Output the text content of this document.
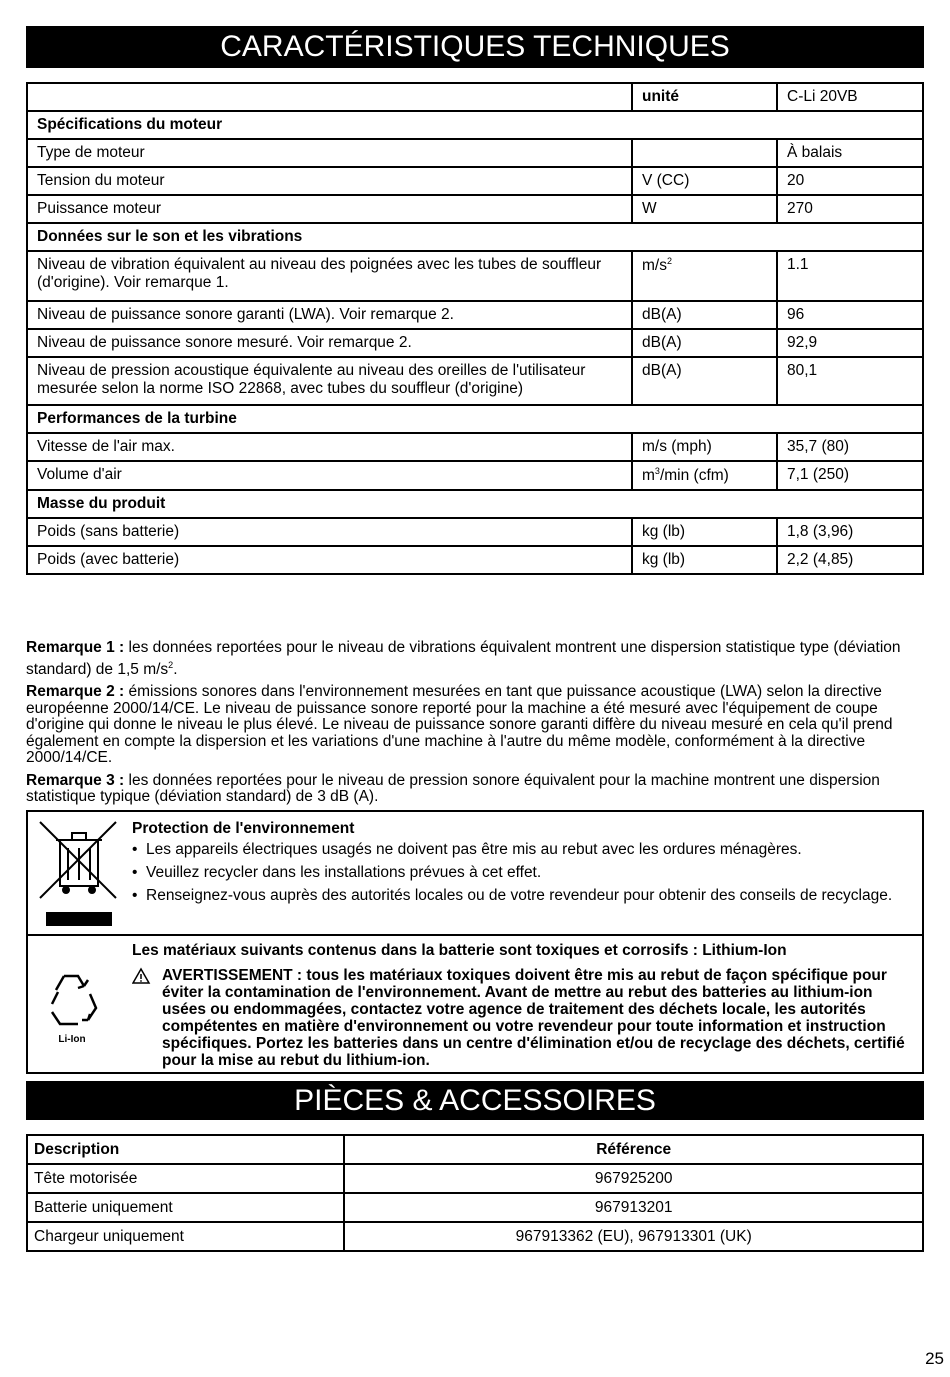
CARACTÉRISTIQUES TECHNIQUES
	unité	C-Li 20VB
Spécifications du moteur		
Type de moteur		À balais
Tension du moteur	V (CC)	20
Puissance moteur	W	270
Données sur le son et les vibrations		
Niveau de vibration équivalent au niveau des poignées avec les tubes de souffleur (d'origine). Voir remarque 1.	$m/s^2$	1.1
Niveau de puissance sonore garanti (LWA). Voir remarque 2.	dB(A)	96
Niveau de puissance sonore mesuré. Voir remarque 2.	dB(A)	92,9
Niveau de pression acoustique équivalente au niveau des oreilles de l'utilisateur mesurée selon la norme ISO 22868, avec tubes du souffleur (d'origine)	dB(A)	80,1
Performances de la turbine		
Vitesse de l'air max.	m/s (mph)	35,7 (80)
Volume d'air	$m^3/\min$ (cfm)	7,1 (250)
Masse du produit		
Poids (sans batterie)	kg (lb)	1,8 (3,96)
Poids (avec batterie)	kg (lb)	2,2 (4,85)

Remarque 1 : les données reportées pour le niveau de vibrations équivalent montrent une dispersion statistique type (déviation standard) de 1,5 $m/s^2$.

Remarque 2 : émissions sonores dans l'environnement mesurées en tant que puissance acoustique (LWA) selon la directive européenne 2000/14/CE. Le niveau de puissance sonore reporté pour la machine a été mesuré avec l'équipement de coupe d'origine qui donne le niveau le plus élevé. Le niveau de puissance sonore garanti diffère du niveau mesuré en cela qu'il prend également en compte la dispersion et les variations d'une machine à l'autre du même modèle, conformément à la directive 2000/14/CE.

Remarque 3 : les données reportées pour le niveau de pression sonore équivalent pour la machine montrent une dispersion statistique typique (déviation standard) de 3 dB (A).

Protection de l'environnement
• Les appareils électriques usagés ne doivent pas être mis au rebut avec les ordures ménagères.
• Veuillez recycler dans les installations prévues à cet effet.
• Renseignez-vous auprès des autorités locales ou de votre revendeur pour obtenir des conseils de recyclage.
Li-Ion
Les matériaux suivants contenus dans la batterie sont toxiques et corrosifs : Lithium-Ion
AVERTISSEMENT : tous les matériaux toxiques doivent être mis au rebut de façon spécifique pour éviter la contamination de l'environnement. Avant de mettre au rebut des batteries au lithium-ion usées ou endommagées, contactez votre agence de traitement des déchets locale, les autorités compétentes en matière d'environnement ou votre revendeur pour toute information et instruction spécifiques. Portez les batteries dans un centre d'élimination et/ou de recyclage des déchets, certifié pour la mise au rebut du lithium-ion.
PIÈCES & ACCESSOIRES
Description	Référence
Tête motorisée	967925200
Batterie uniquement	967913201
Chargeur uniquement	967913362 (EU), 967913301 (UK)
25
